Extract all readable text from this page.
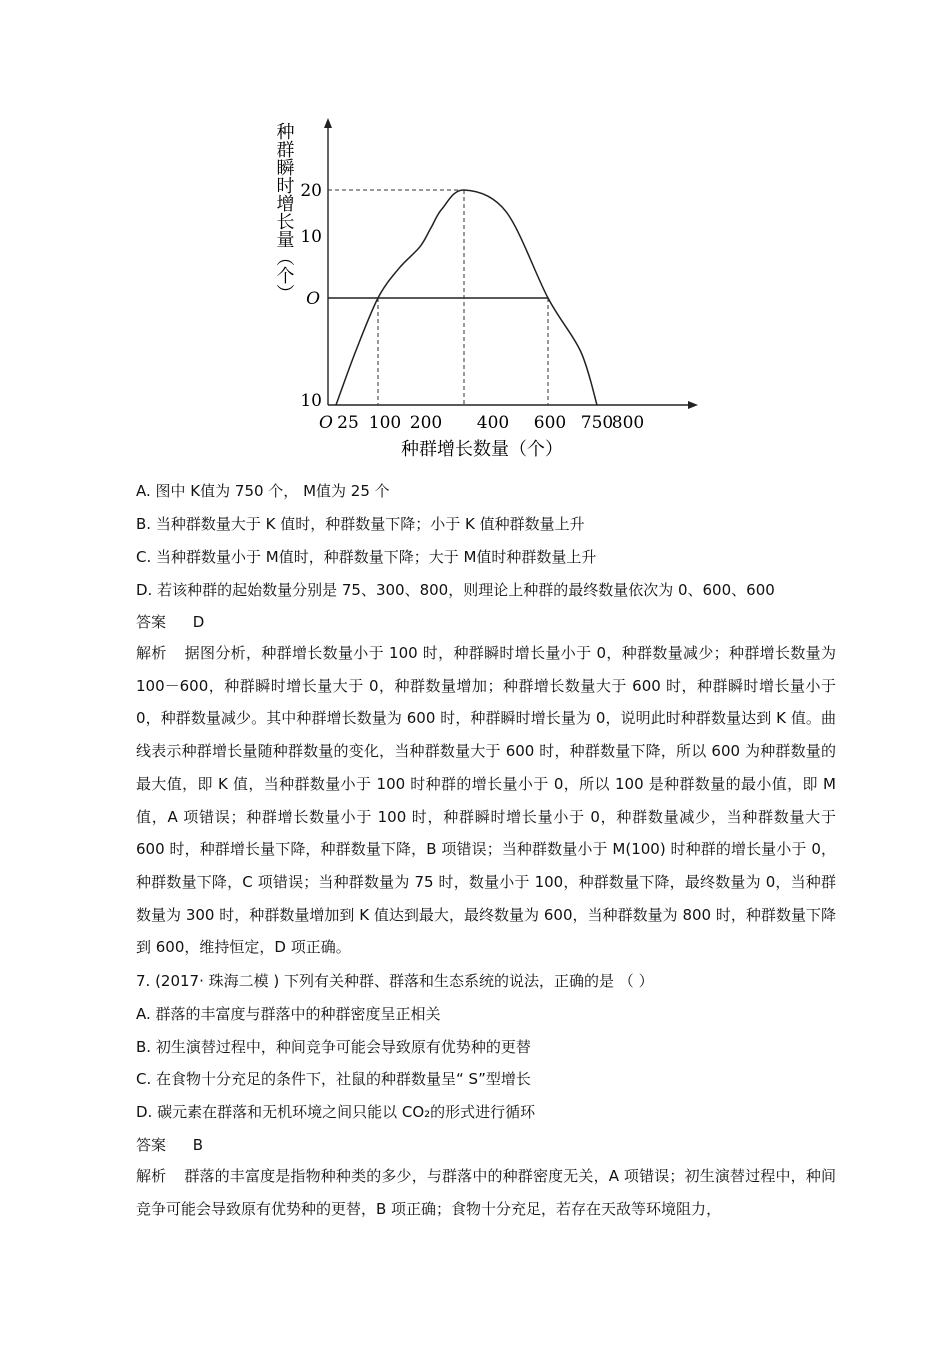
20
10
O
10
O 25 100 200 400 600 750
800
种群增长数量（个）
种群瞬时增长量（个）
A. 图中 K值为 750 个， M值为 25 个
B. 当种群数量大于 K 值时，种群数量下降；小于 K 值种群数量上升
C. 当种群数量小于 M值时，种群数量下降；大于 M值时种群数量上升
D. 若该种群的起始数量分别是 75、300、800，则理论上种群的最终数量依次为 0、600、600
答案 D
解析 据图分析，种群增长数量小于 100 时，种群瞬时增长量小于 0，种群数量减少；种群增长数量为 100－600，种群瞬时增长量大于 0，种群数量增加；种群增长数量大于 600 时，种群瞬时增长量小于 0，种群数量减少。其中种群增长数量为 600 时，种群瞬时增长量为 0，说明此时种群数量达到 K 值。曲线表示种群增长量随种群数量的变化，当种群数量大于 600 时，种群数量下降，所以 600 为种群数量的最大值，即 K 值，当种群数量小于 100 时种群的增长量小于 0，所以 100 是种群数量的最小值，即 M 值，A 项错误；种群增长数量小于 100 时，种群瞬时增长量小于 0，种群数量减少，当种群数量大于 600 时，种群增长量下降，种群数量下降，B 项错误；当种群数量小于 M(100) 时种群的增长量小于 0，种群数量下降，C 项错误；当种群数量为 75 时，数量小于 100，种群数量下降，最终数量为 0，当种群数量为 300 时，种群数量增加到 K 值达到最大，最终数量为 600，当种群数量为 800 时，种群数量下降到 600，维持恒定，D 项正确。
7. (2017· 珠海二模 ) 下列有关种群、群落和生态系统的说法，正确的是 （ ）
A. 群落的丰富度与群落中的种群密度呈正相关
B. 初生演替过程中，种间竞争可能会导致原有优势种的更替
C. 在食物十分充足的条件下，社鼠的种群数量呈“ S”型增长
D. 碳元素在群落和无机环境之间只能以 CO₂的形式进行循环
答案 B
解析 群落的丰富度是指物种种类的多少，与群落中的种群密度无关，A 项错误；初生演替过程中，种间竞争可能会导致原有优势种的更替，B 项正确；食物十分充足，若存在天敌等环境阻力，
